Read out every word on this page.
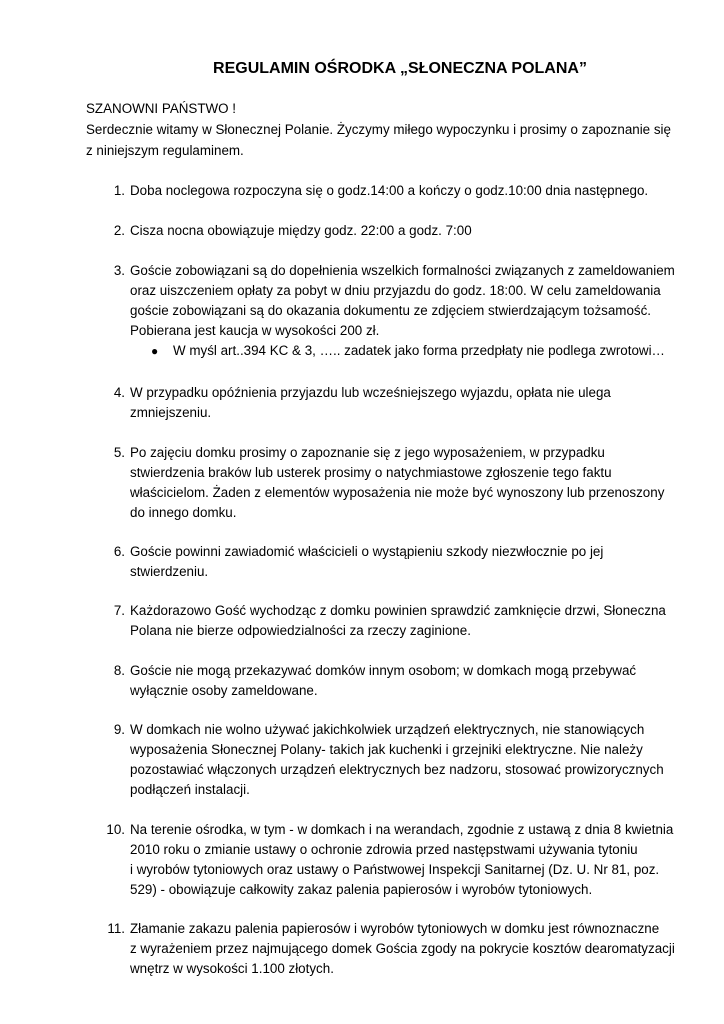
REGULAMIN OŚRODKA „SŁONECZNA POLANA”
SZANOWNI PAŃSTWO !
Serdecznie witamy w Słonecznej Polanie. Życzymy miłego wypoczynku i prosimy o zapoznanie się
z niniejszym regulaminem.
1. Doba noclegowa rozpoczyna się o godz.14:00 a kończy o godz.10:00 dnia następnego.
2. Cisza nocna obowiązuje między godz. 22:00 a godz. 7:00
3. Goście zobowiązani są do dopełnienia wszelkich formalności związanych z zameldowaniem
oraz uiszczeniem opłaty za pobyt w dniu przyjazdu do godz. 18:00. W celu zameldowania
goście zobowiązani są do okazania dokumentu ze zdjęciem stwierdzającym tożsamość.
Pobierana jest kaucja w wysokości 200 zł.
● W myśl art..394 KC & 3, ….. zadatek jako forma przedpłaty nie podlega zwrotowi…
4. W przypadku opóźnienia przyjazdu lub wcześniejszego wyjazdu, opłata nie ulega
zmniejszeniu.
5. Po zajęciu domku prosimy o zapoznanie się z jego wyposażeniem, w przypadku
stwierdzenia braków lub usterek prosimy o natychmiastowe zgłoszenie tego faktu
właścicielom. Żaden z elementów wyposażenia nie może być wynoszony lub przenoszony
do innego domku.
6. Goście powinni zawiadomić właścicieli o wystąpieniu szkody niezwłocznie po jej
stwierdzeniu.
7. Każdorazowo Gość wychodząc z domku powinien sprawdzić zamknięcie drzwi, Słoneczna
Polana nie bierze odpowiedzialności za rzeczy zaginione.
8. Goście nie mogą przekazywać domków innym osobom; w domkach mogą przebywać
wyłącznie osoby zameldowane.
9. W domkach nie wolno używać jakichkolwiek urządzeń elektrycznych, nie stanowiących
wyposażenia Słonecznej Polany- takich jak kuchenki i grzejniki elektryczne. Nie należy
pozostawiać włączonych urządzeń elektrycznych bez nadzoru, stosować prowizorycznych
podłączeń instalacji.
10. Na terenie ośrodka, w tym - w domkach i na werandach, zgodnie z ustawą z dnia 8 kwietnia
2010 roku o zmianie ustawy o ochronie zdrowia przed następstwami używania tytoniu
i wyrobów tytoniowych oraz ustawy o Państwowej Inspekcji Sanitarnej (Dz. U. Nr 81, poz.
529) - obowiązuje całkowity zakaz palenia papierosów i wyrobów tytoniowych.
11. Złamanie zakazu palenia papierosów i wyrobów tytoniowych w domku jest równoznaczne
z wyrażeniem przez najmującego domek Gościa zgody na pokrycie kosztów dearomatyzacji
wnętrz w wysokości 1.100 złotych.
